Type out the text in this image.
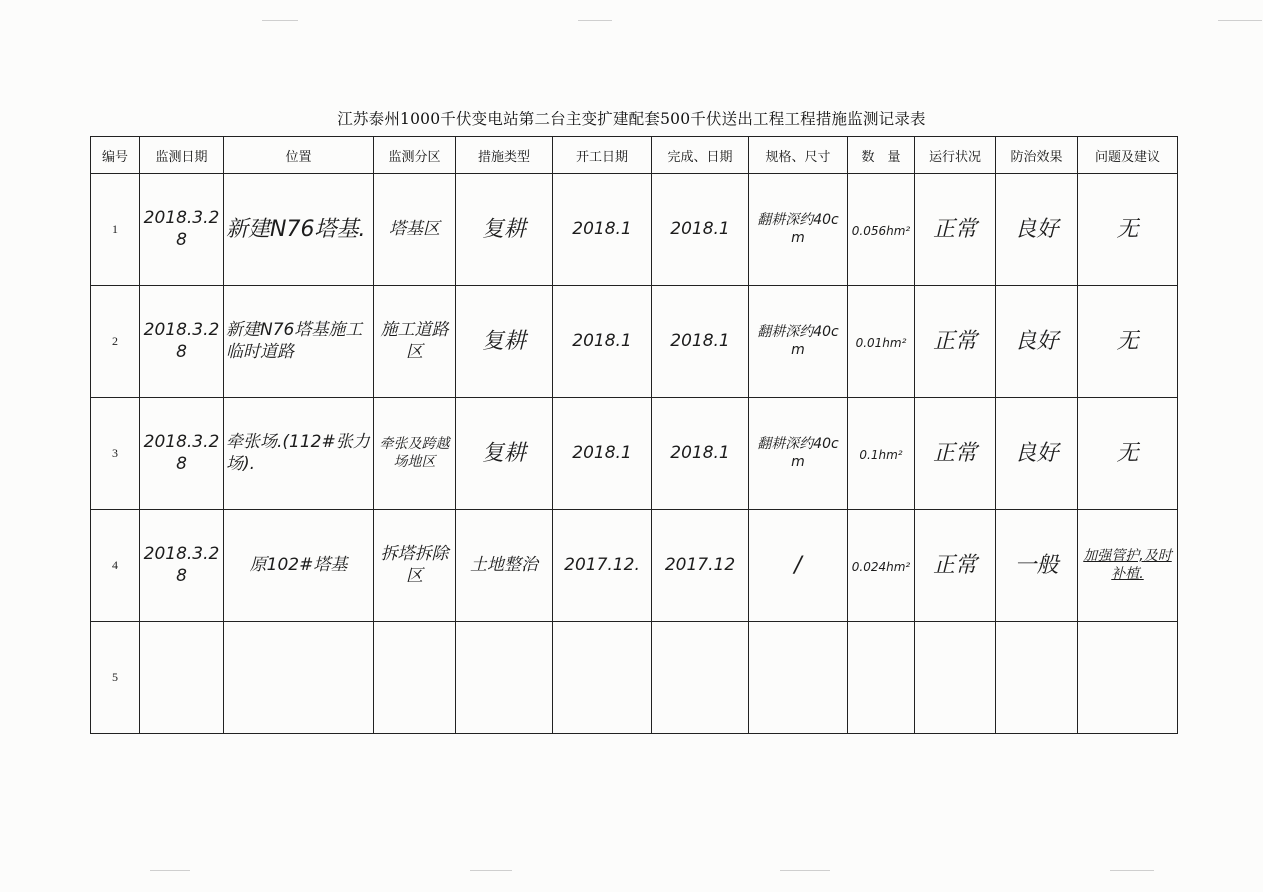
江苏泰州1000千伏变电站第二台主变扩建配套500千伏送出工程工程措施监测记录表
编号	监测日期	位置	监测分区	措施类型	开工日期	完成、日期	规格、尺寸	数　量	运行状况	防治效果	问题及建议
1	2018.3.28	新建N76塔基.	塔基区	复耕	2018.1	2018.1	翻耕深约40cm	0.056hm²	正常	良好	无
2	2018.3.28	新建N76塔基施工临时道路	施工道路区	复耕	2018.1	2018.1	翻耕深约40cm	0.01hm²	正常	良好	无
3	2018.3.28	牵张场.(112#张力场).	牵张及跨越场地区	复耕	2018.1	2018.1	翻耕深约40cm	0.1hm²	正常	良好	无
4	2018.3.28	原102#塔基	拆塔拆除区	土地整治	2017.12.	2017.12	/	0.024hm²	正常	一般	加强管护,及时补植.
5											
